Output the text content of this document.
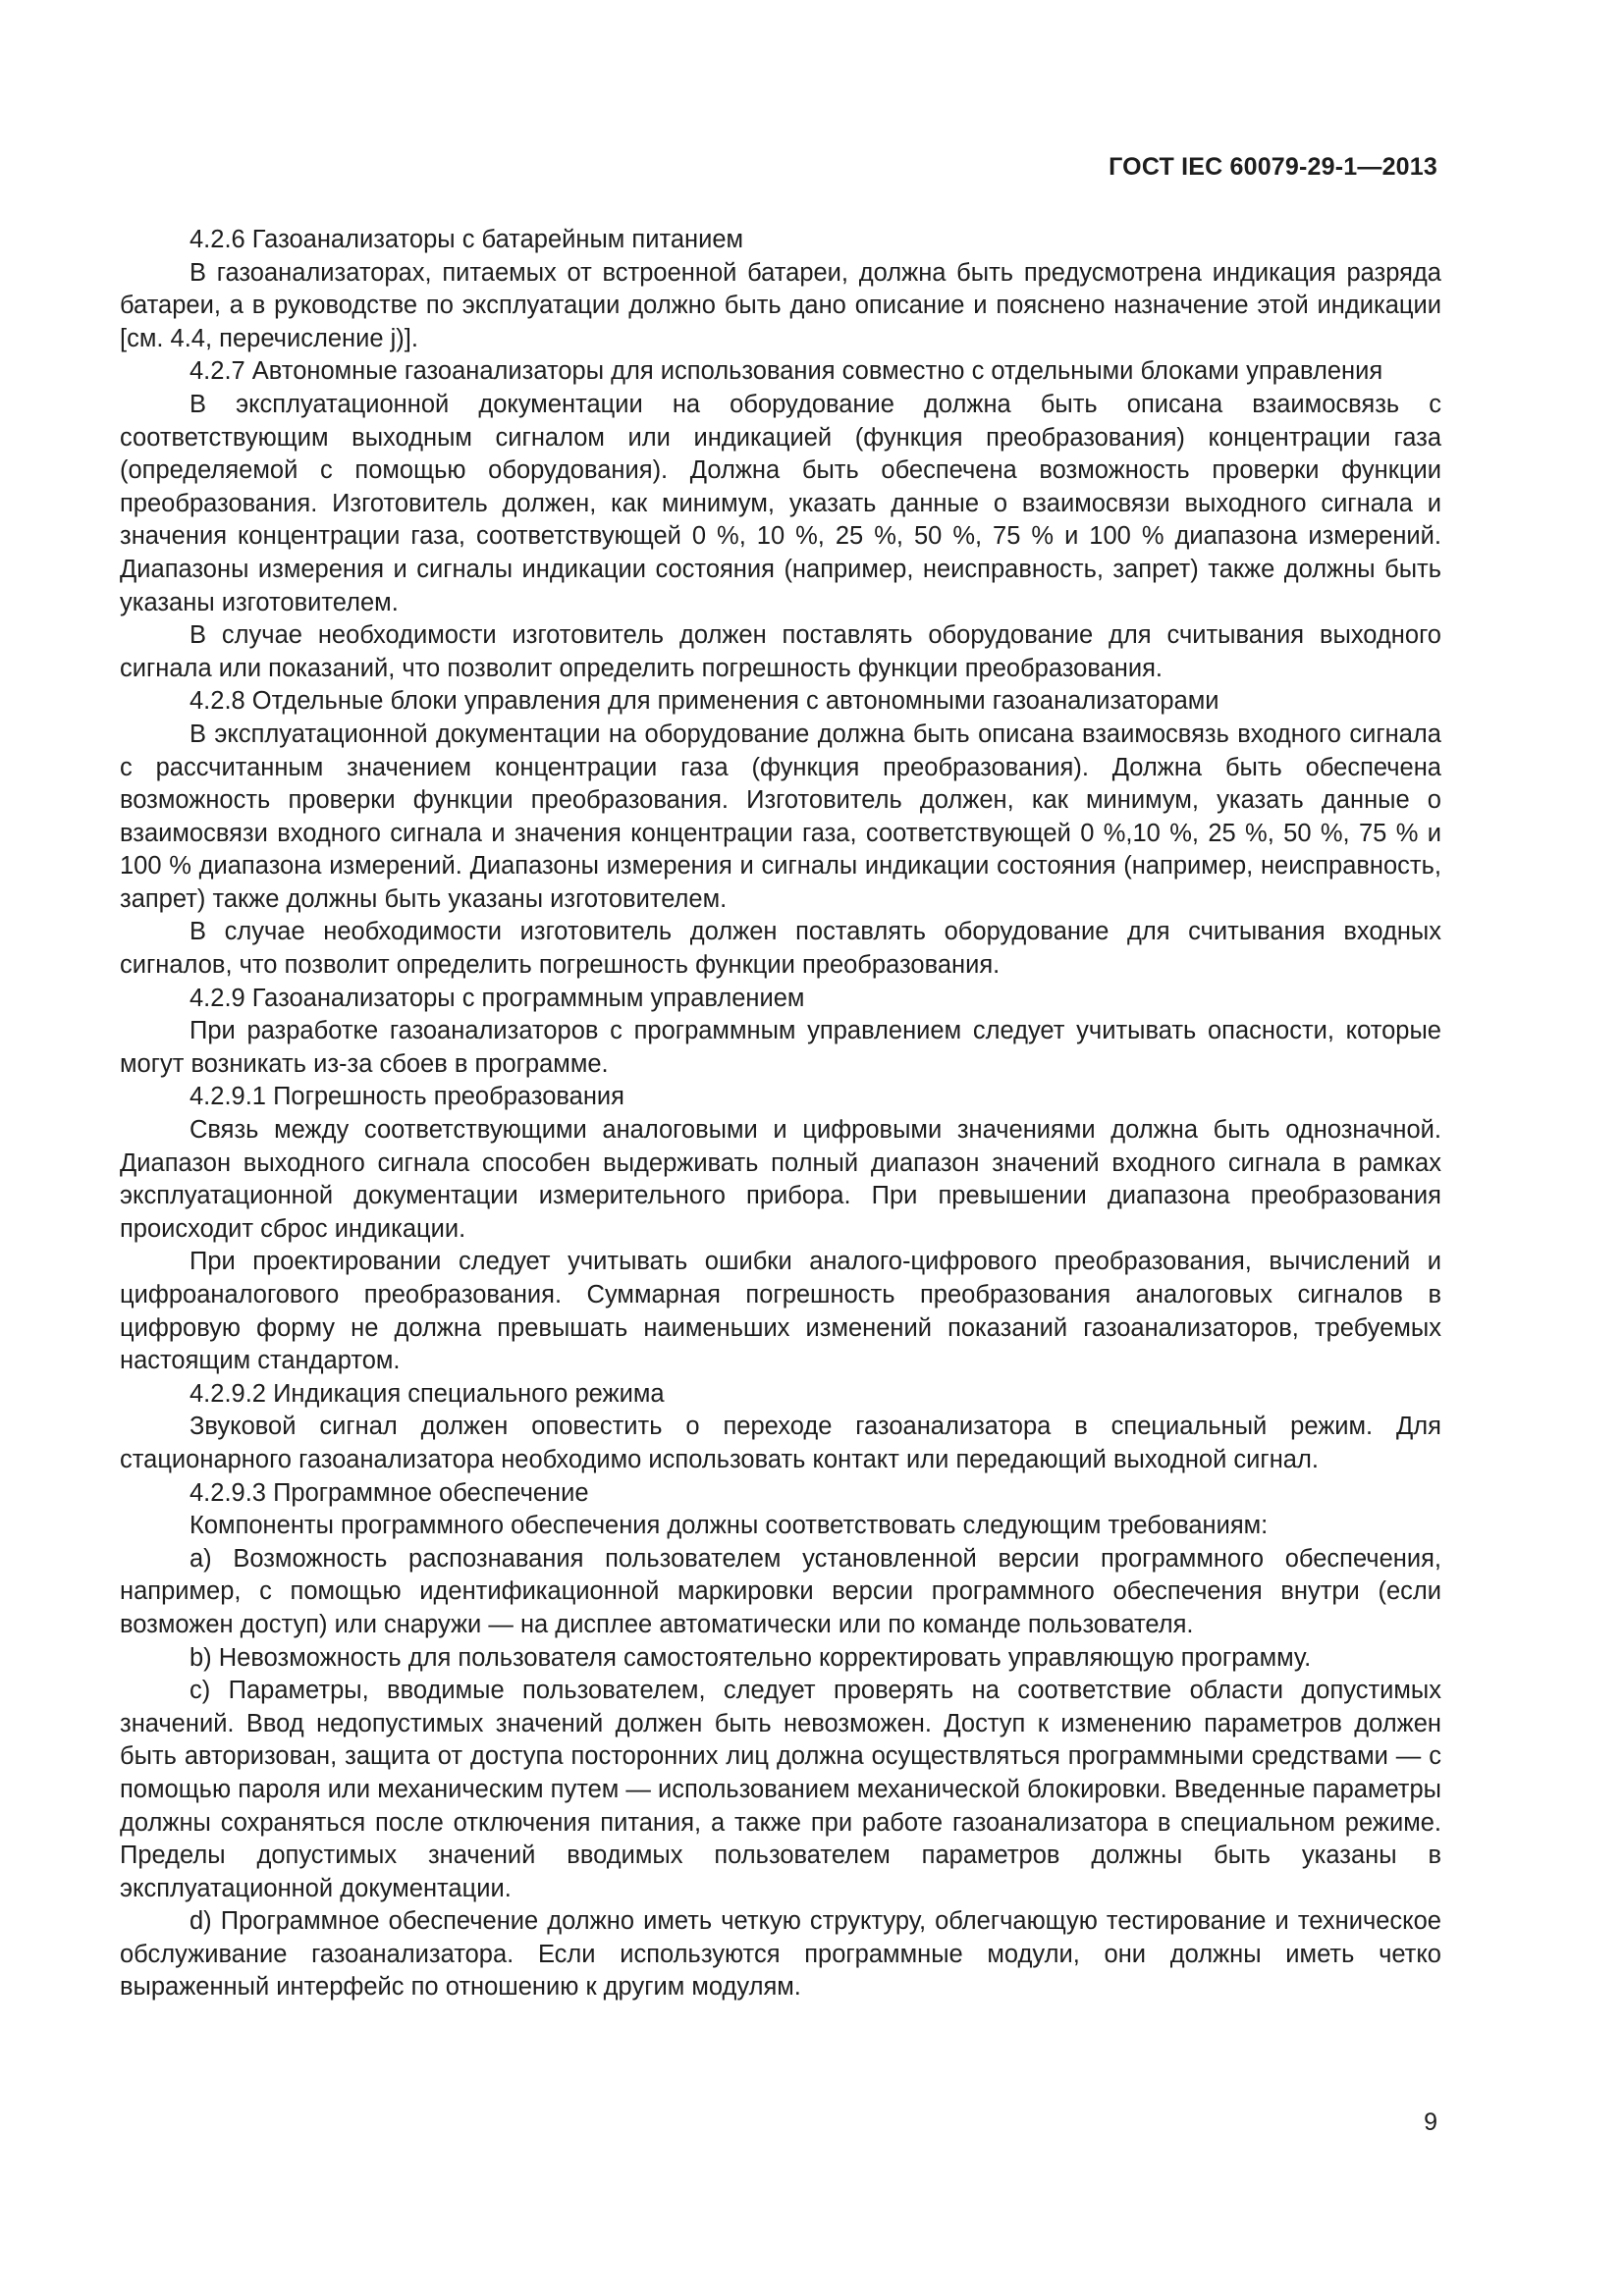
ГОСТ IEC 60079-29-1—2013

4.2.6 Газоанализаторы с батарейным питанием

В газоанализаторах, питаемых от встроенной батареи, должна быть предусмотрена индикация разряда батареи, а в руководстве по эксплуатации должно быть дано описание и пояснено назначение этой индикации [см. 4.4, перечисление j)].

4.2.7 Автономные газоанализаторы для использования совместно с отдельными блоками управления

В эксплуатационной документации на оборудование должна быть описана взаимосвязь с соответствующим выходным сигналом или индикацией (функция преобразования) концентрации газа (определяемой с помощью оборудования). Должна быть обеспечена возможность проверки функции преобразования. Изготовитель должен, как минимум, указать данные о взаимосвязи выходного сигнала и значения концентрации газа, соответствующей 0 %, 10 %, 25 %, 50 %, 75 % и 100 % диапазона измерений. Диапазоны измерения и сигналы индикации состояния (например, неисправность, запрет) также должны быть указаны изготовителем.

В случае необходимости изготовитель должен поставлять оборудование для считывания выходного сигнала или показаний, что позволит определить погрешность функции преобразования.

4.2.8 Отдельные блоки управления для применения с автономными газоанализаторами

В эксплуатационной документации на оборудование должна быть описана взаимосвязь входного сигнала с рассчитанным значением концентрации газа (функция преобразования). Должна быть обеспечена возможность проверки функции преобразования. Изготовитель должен, как минимум, указать данные о взаимосвязи входного сигнала и значения концентрации газа, соответствующей 0 %,10 %, 25 %, 50 %, 75 % и 100 % диапазона измерений. Диапазоны измерения и сигналы индикации состояния (например, неисправность, запрет) также должны быть указаны изготовителем.

В случае необходимости изготовитель должен поставлять оборудование для считывания входных сигналов, что позволит определить погрешность функции преобразования.

4.2.9 Газоанализаторы с программным управлением

При разработке газоанализаторов с программным управлением следует учитывать опасности, которые могут возникать из-за сбоев в программе.

4.2.9.1 Погрешность преобразования

Связь между соответствующими аналоговыми и цифровыми значениями должна быть однозначной. Диапазон выходного сигнала способен выдерживать полный диапазон значений входного сигнала в рамках эксплуатационной документации измерительного прибора. При превышении диапазона преобразования происходит сброс индикации.

При проектировании следует учитывать ошибки аналого-цифрового преобразования, вычислений и цифроаналогового преобразования. Суммарная погрешность преобразования аналоговых сигналов в цифровую форму не должна превышать наименьших изменений показаний газоанализаторов, требуемых настоящим стандартом.

4.2.9.2 Индикация специального режима

Звуковой сигнал должен оповестить о переходе газоанализатора в специальный режим. Для стационарного газоанализатора необходимо использовать контакт или передающий выходной сигнал.

4.2.9.3 Программное обеспечение

Компоненты программного обеспечения должны соответствовать следующим требованиям:

a) Возможность распознавания пользователем установленной версии программного обеспечения, например, с помощью идентификационной маркировки версии программного обеспечения внутри (если возможен доступ) или снаружи — на дисплее автоматически или по команде пользователя.

b) Невозможность для пользователя самостоятельно корректировать управляющую программу.

c) Параметры, вводимые пользователем, следует проверять на соответствие области допустимых значений. Ввод недопустимых значений должен быть невозможен. Доступ к изменению параметров должен быть авторизован, защита от доступа посторонних лиц должна осуществляться программными средствами — с помощью пароля или механическим путем — использованием механической блокировки. Введенные параметры должны сохраняться после отключения питания, а также при работе газоанализатора в специальном режиме. Пределы допустимых значений вводимых пользователем параметров должны быть указаны в эксплуатационной документации.

d) Программное обеспечение должно иметь четкую структуру, облегчающую тестирование и техническое обслуживание газоанализатора. Если используются программные модули, они должны иметь четко выраженный интерфейс по отношению к другим модулям.

9
